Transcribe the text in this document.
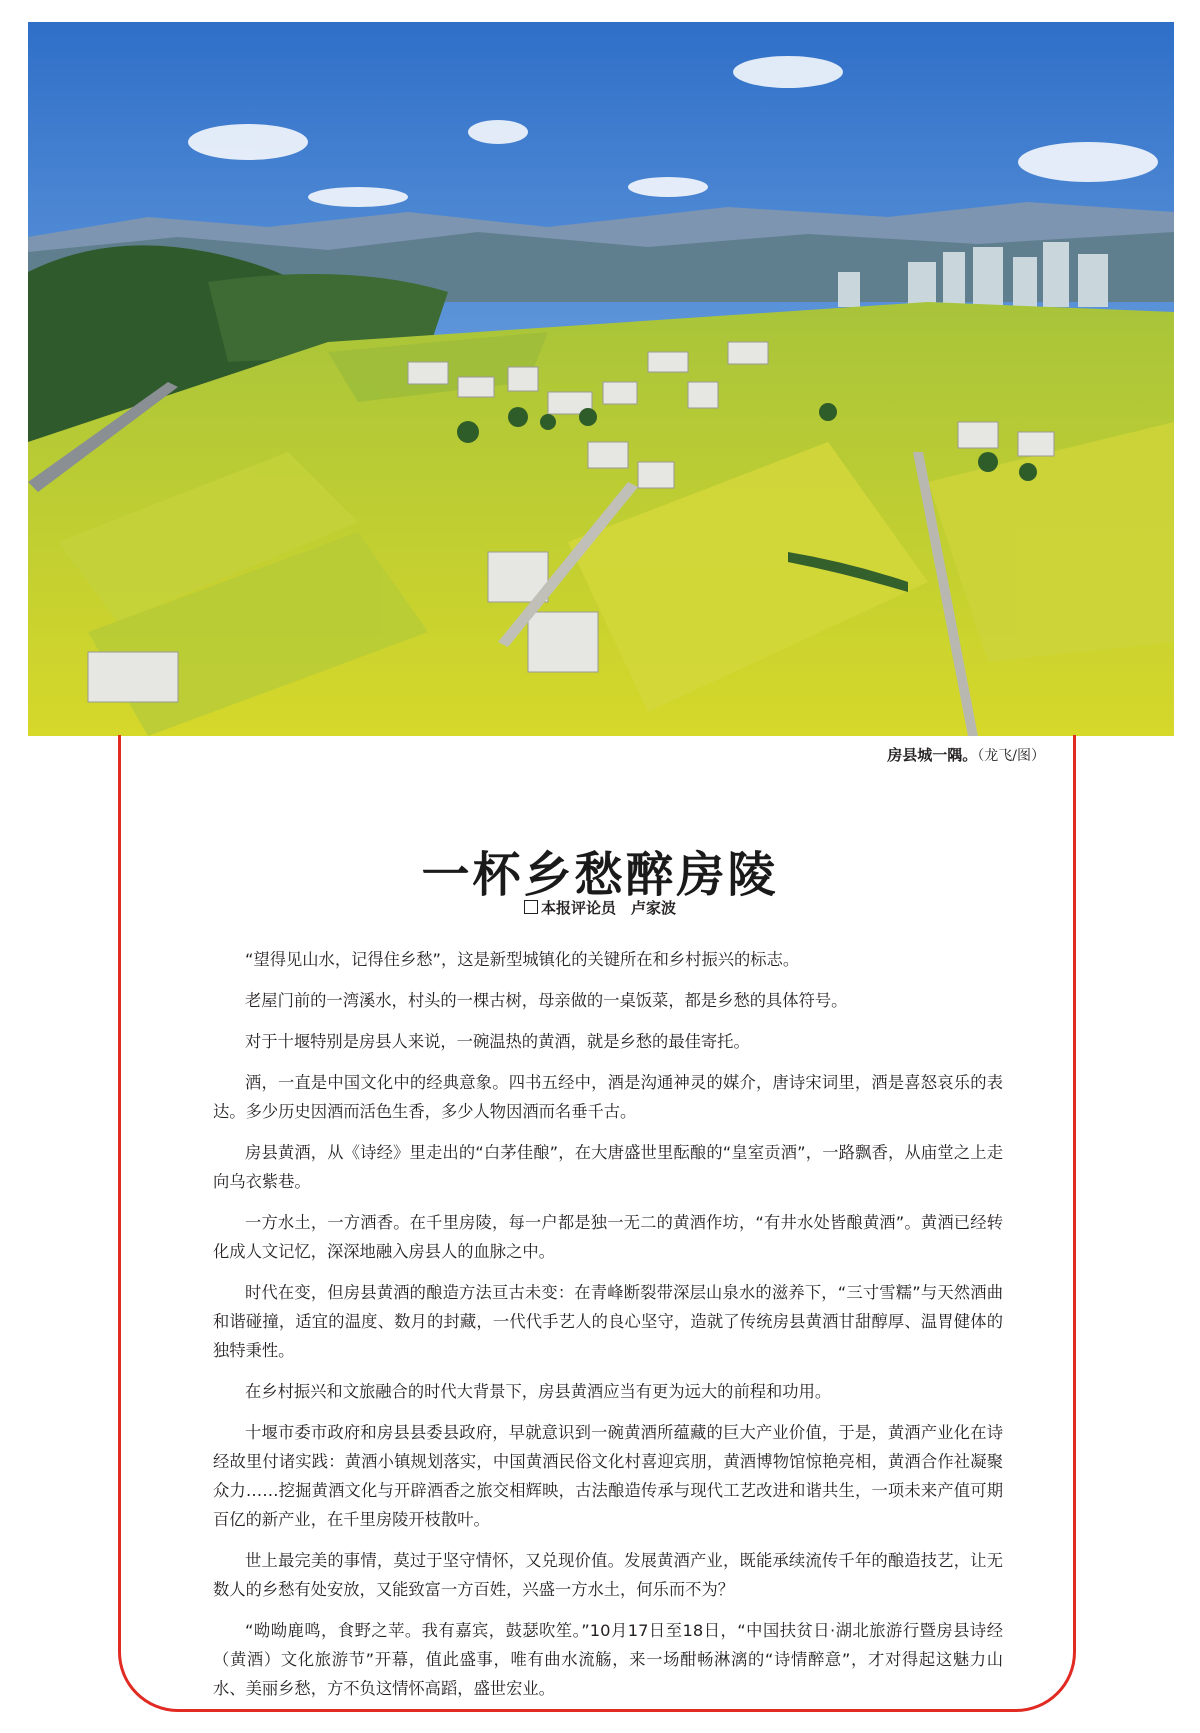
房县城一隅。（龙飞/图）
一杯乡愁醉房陵
本报评论员　卢家波

“望得见山水，记得住乡愁”，这是新型城镇化的关键所在和乡村振兴的标志。

老屋门前的一湾溪水，村头的一棵古树，母亲做的一桌饭菜，都是乡愁的具体符号。

对于十堰特别是房县人来说，一碗温热的黄酒，就是乡愁的最佳寄托。

酒，一直是中国文化中的经典意象。四书五经中，酒是沟通神灵的媒介，唐诗宋词里，酒是喜怒哀乐的表达。多少历史因酒而活色生香，多少人物因酒而名垂千古。

房县黄酒，从《诗经》里走出的“白茅佳酿”，在大唐盛世里酝酿的“皇室贡酒”，一路飘香，从庙堂之上走向乌衣紫巷。

一方水土，一方酒香。在千里房陵，每一户都是独一无二的黄酒作坊，“有井水处皆酿黄酒”。黄酒已经转化成人文记忆，深深地融入房县人的血脉之中。

时代在变，但房县黄酒的酿造方法亘古未变：在青峰断裂带深层山泉水的滋养下，“三寸雪糯”与天然酒曲和谐碰撞，适宜的温度、数月的封藏，一代代手艺人的良心坚守，造就了传统房县黄酒甘甜醇厚、温胃健体的独特秉性。

在乡村振兴和文旅融合的时代大背景下，房县黄酒应当有更为远大的前程和功用。

十堰市委市政府和房县县委县政府，早就意识到一碗黄酒所蕴藏的巨大产业价值，于是，黄酒产业化在诗经故里付诸实践：黄酒小镇规划落实，中国黄酒民俗文化村喜迎宾朋，黄酒博物馆惊艳亮相，黄酒合作社凝聚众力……挖掘黄酒文化与开辟酒香之旅交相辉映，古法酿造传承与现代工艺改进和谐共生，一项未来产值可期百亿的新产业，在千里房陵开枝散叶。

世上最完美的事情，莫过于坚守情怀，又兑现价值。发展黄酒产业，既能承续流传千年的酿造技艺，让无数人的乡愁有处安放，又能致富一方百姓，兴盛一方水土，何乐而不为？

“呦呦鹿鸣，食野之苹。我有嘉宾，鼓瑟吹笙。”10月17日至18日，“中国扶贫日·湖北旅游行暨房县诗经（黄酒）文化旅游节”开幕，值此盛事，唯有曲水流觞，来一场酣畅淋漓的“诗情醉意”，才对得起这魅力山水、美丽乡愁，方不负这情怀高蹈，盛世宏业。
